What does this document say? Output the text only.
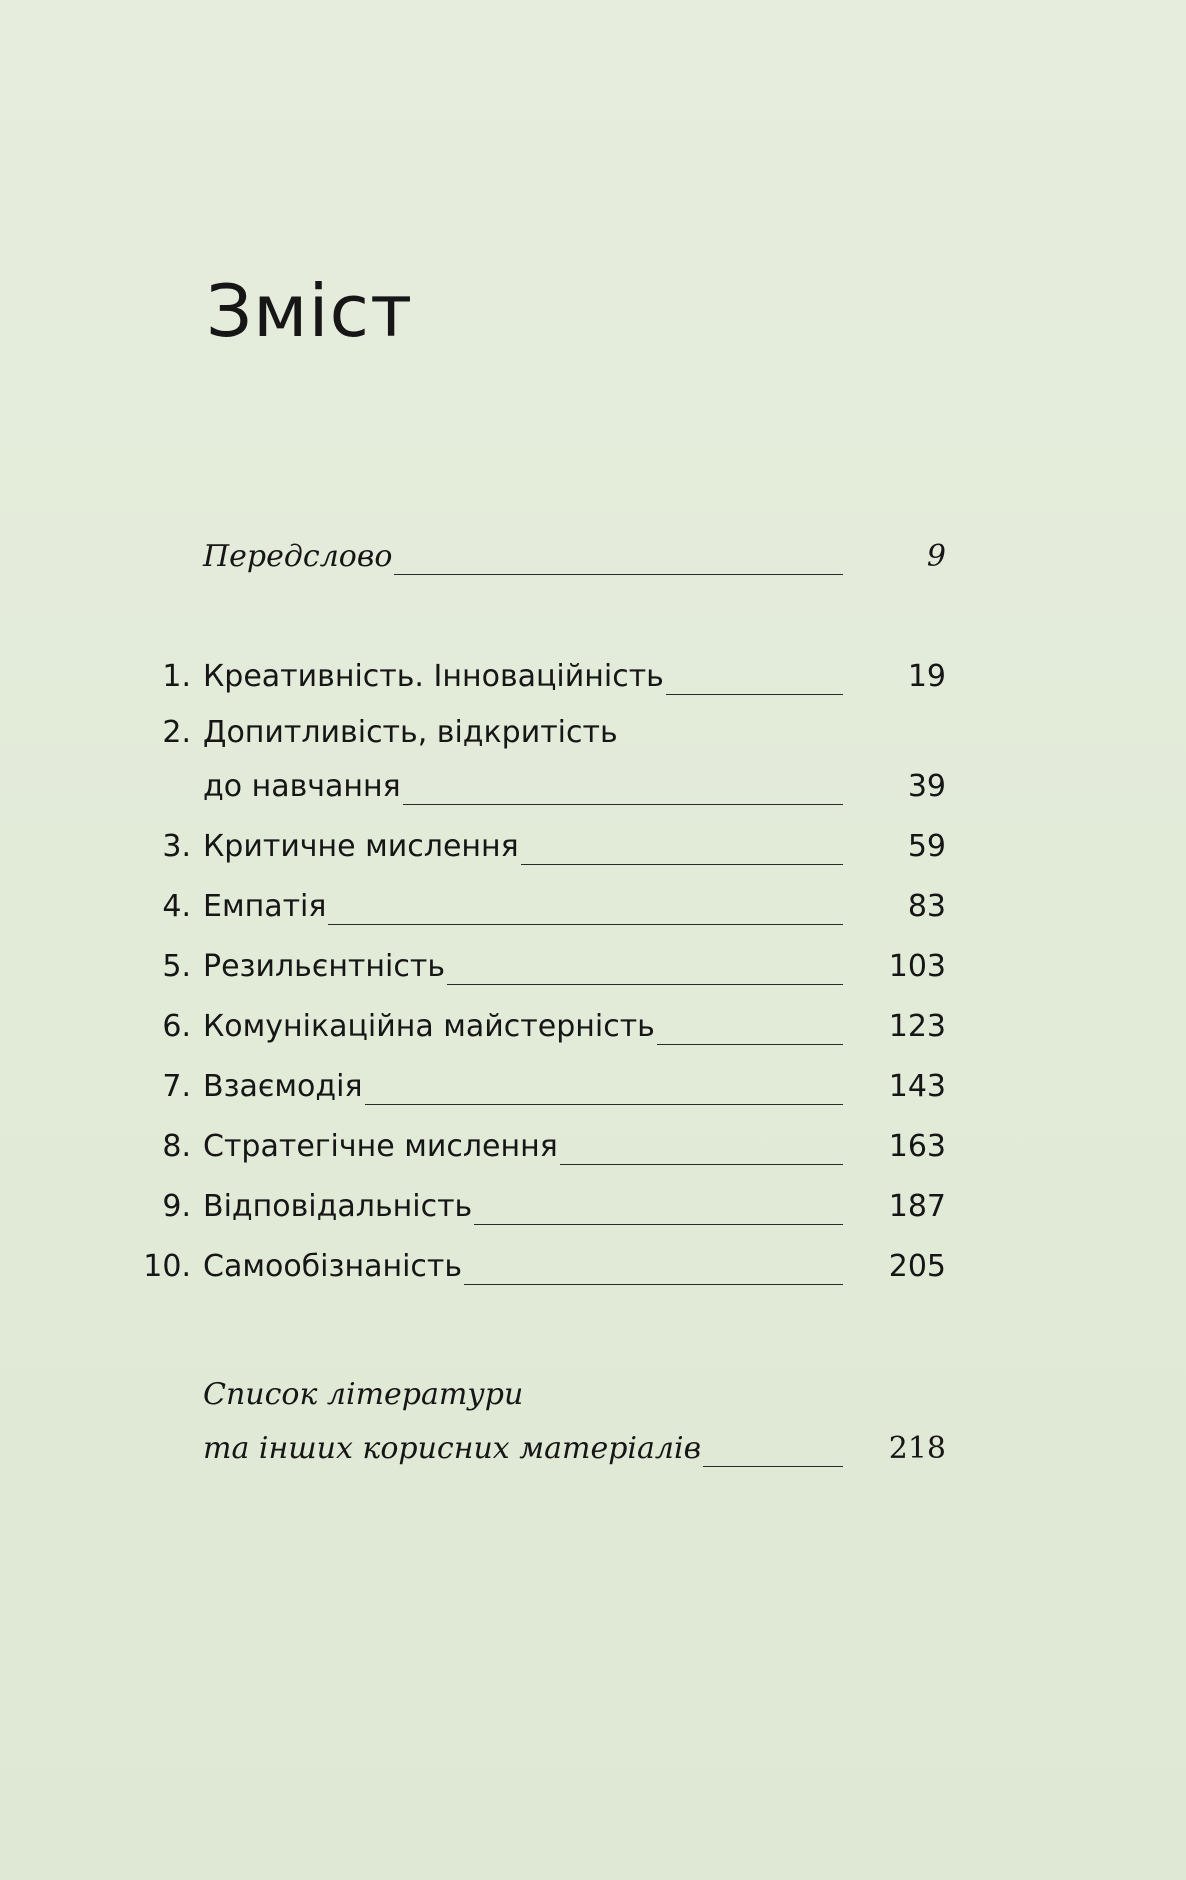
Зміст
Передслово	9
1. Креативність. Інноваційність	19
2. Допитливість, відкритість
до навчання	39
3. Критичне мислення	59
4. Емпатія	83
5. Резильєнтність	103
6. Комунікаційна майстерність	123
7. Взаємодія	143
8. Стратегічне мислення	163
9. Відповідальність	187
10. Самообізнаність	205
Список літератури
та інших корисних матеріалів	218
